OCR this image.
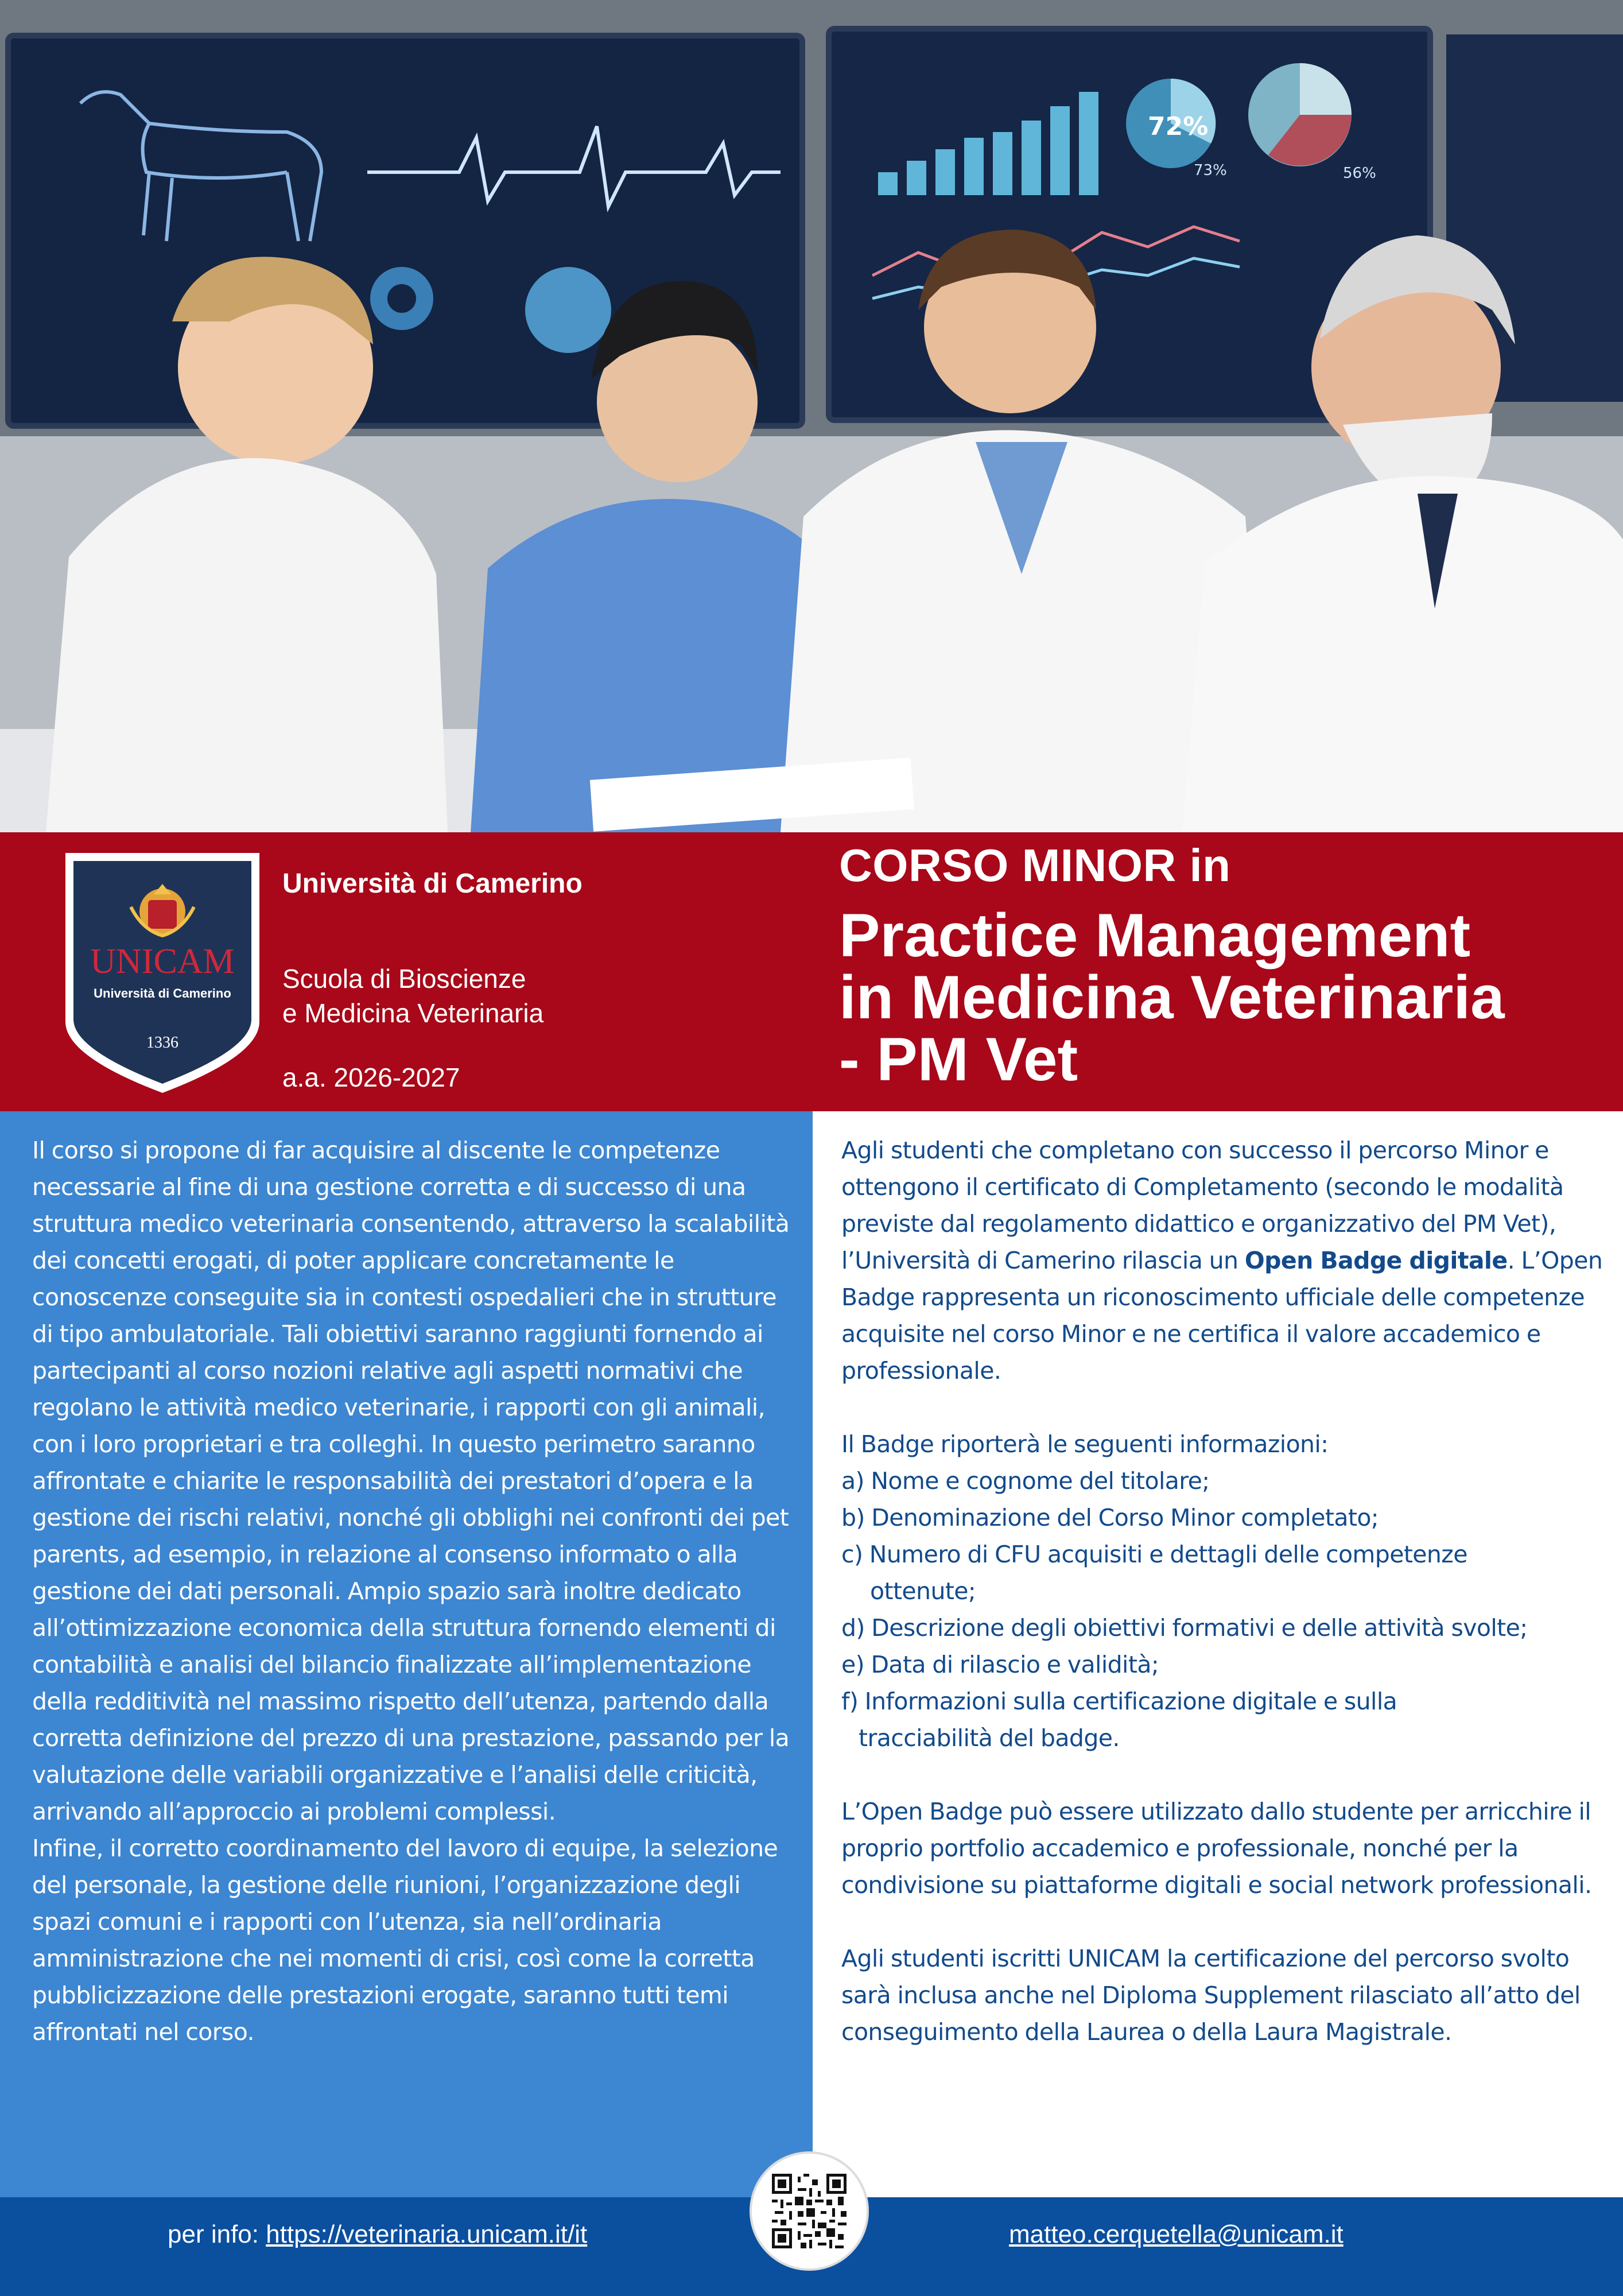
72%
73%	56%
UNICAM
Università di Camerino
1336

Università di Camerino

Scuola di Bioscienze
e Medicina Veterinaria

a.a. 2026-2027

CORSO MINOR in

Practice Management
in Medicina Veterinaria
- PM Vet
Il corso si propone di far acquisire al discente le competenze necessarie al fine di una gestione corretta e di successo di una struttura medico veterinaria consentendo, attraverso la scalabilità dei concetti erogati, di poter applicare concretamente le conoscenze conseguite sia in contesti ospedalieri che in strutture di tipo ambulatoriale. Tali obiettivi saranno raggiunti fornendo ai partecipanti al corso nozioni relative agli aspetti normativi che regolano le attività medico veterinarie, i rapporti con gli animali, con i loro proprietari e tra colleghi. In questo perimetro saranno affrontate e chiarite le responsabilità dei prestatori d’opera e la gestione dei rischi relativi, nonché gli obblighi nei confronti dei pet parents, ad esempio, in relazione al consenso informato o alla gestione dei dati personali. Ampio spazio sarà inoltre dedicato all’ottimizzazione economica della struttura fornendo elementi di contabilità e analisi del bilancio finalizzate all’implementazione della redditività nel massimo rispetto dell’utenza, partendo dalla corretta definizione del prezzo di una prestazione, passando per la valutazione delle variabili organizzative e l’analisi delle criticità, arrivando all’approccio ai problemi complessi.
Infine, il corretto coordinamento del lavoro di equipe, la selezione del personale, la gestione delle riunioni, l’organizzazione degli spazi comuni e i rapporti con l’utenza, sia nell’ordinaria amministrazione che nei momenti di crisi, così come la corretta pubblicizzazione delle prestazioni erogate, saranno tutti temi affrontati nel corso.

Agli studenti che completano con successo il percorso Minor e ottengono il certificato di Completamento (secondo le modalità previste dal regolamento didattico e organizzativo del PM Vet), l’Università di Camerino rilascia un Open Badge digitale. L’Open Badge rappresenta un riconoscimento ufficiale delle competenze acquisite nel corso Minor e ne certifica il valore accademico e professionale.

Il Badge riporterà le seguenti informazioni:

a) Nome e cognome del titolare;

b) Denominazione del Corso Minor completato;

c) Numero di CFU acquisiti e dettagli delle competenze

ottenute;

d) Descrizione degli obiettivi formativi e delle attività svolte;

e) Data di rilascio e validità;

f) Informazioni sulla certificazione digitale e sulla

tracciabilità del badge.

L’Open Badge può essere utilizzato dallo studente per arricchire il proprio portfolio accademico e professionale, nonché per la condivisione su piattaforme digitali e social network professionali.

Agli studenti iscritti UNICAM la certificazione del percorso svolto sarà inclusa anche nel Diploma Supplement rilasciato all’atto del conseguimento della Laurea o della Laura Magistrale.

per info: https://veterinaria.unicam.it/it	matteo.cerquetella@unicam.it
